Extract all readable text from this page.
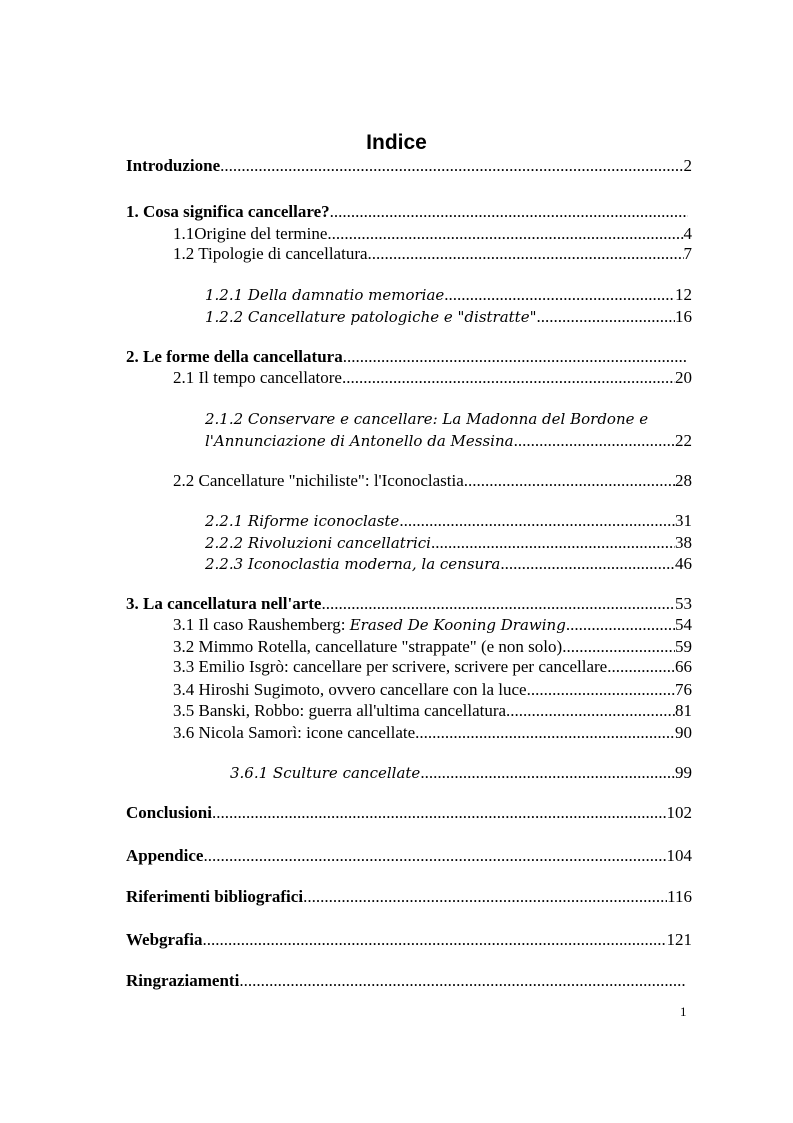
Indice
Introduzione .....	2
1. Cosa significa cancellare?
.....
1.1Origine del termine .....	4
1.2 Tipologie di cancellatura .....	7
1.2.1 Della damnatio memoriae .....	12
1.2.2 Cancellature patologiche e "distratte" .....	16
2. Le forme della cancellatura
.....
2.1 Il tempo cancellatore .....	20
2.1.2 Conservare e cancellare: La Madonna del Bordone e
l'Annunciazione di Antonello da Messina .....	22
2.2 Cancellature "nichiliste": l'Iconoclastia .....	28
2.2.1 Riforme iconoclaste .....	31
2.2.2 Rivoluzioni cancellatrici .....	38
2.2.3 Iconoclastia moderna, la censura .....	46
3. La cancellatura nell'arte .....	53
3.1 Il caso Raushemberg: Erased De Kooning Drawing .....	54
3.2 Mimmo Rotella, cancellature "strappate" (e non solo) .....	59
3.3 Emilio Isgrò: cancellare per scrivere, scrivere per cancellare .....	66
3.4 Hiroshi Sugimoto, ovvero cancellare con la luce .....	76
3.5 Banski, Robbo: guerra all'ultima cancellatura .....	81
3.6 Nicola Samorì: icone cancellate .....	90
3.6.1 Sculture cancellate .....	99
Conclusioni .....	102
Appendice .....	104
Riferimenti bibliografici .....	116
Webgrafia .....	121
Ringraziamenti
.....
1
